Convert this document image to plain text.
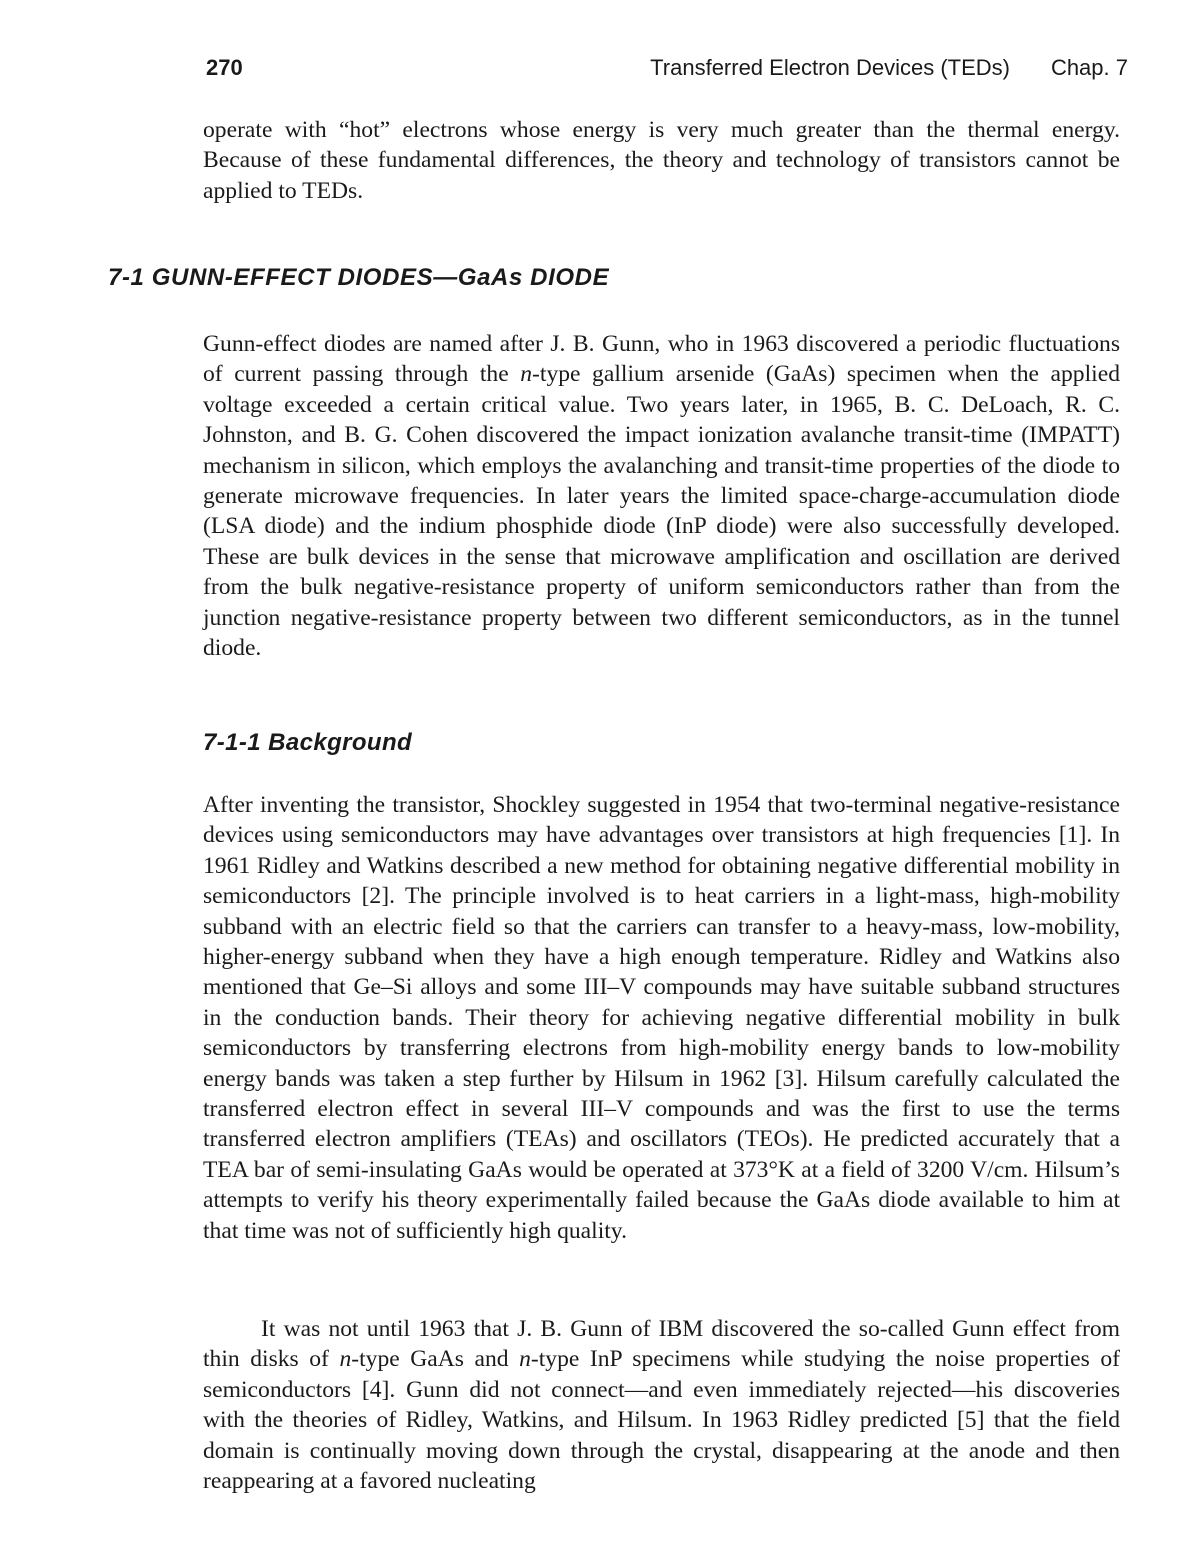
270	Transferred Electron Devices (TEDs) Chap. 7

operate with “hot” electrons whose energy is very much greater than the thermal energy. Because of these fundamental differences, the theory and technology of transistors cannot be applied to TEDs.

7-1 GUNN-EFFECT DIODES—GaAs DIODE

Gunn-effect diodes are named after J. B. Gunn, who in 1963 discovered a periodic fluctuations of current passing through the n-type gallium arsenide (GaAs) specimen when the applied voltage exceeded a certain critical value. Two years later, in 1965, B. C. DeLoach, R. C. Johnston, and B. G. Cohen discovered the impact ionization avalanche transit-time (IMPATT) mechanism in silicon, which employs the avalanching and transit-time properties of the diode to generate microwave frequencies. In later years the limited space-charge-accumulation diode (LSA diode) and the indium phosphide diode (InP diode) were also successfully developed. These are bulk devices in the sense that microwave amplification and oscillation are derived from the bulk negative-resistance property of uniform semiconductors rather than from the junction negative-resistance property between two different semiconductors, as in the tunnel diode.

7-1-1 Background

After inventing the transistor, Shockley suggested in 1954 that two-terminal negative-resistance devices using semiconductors may have advantages over transistors at high frequencies [1]. In 1961 Ridley and Watkins described a new method for obtaining negative differential mobility in semiconductors [2]. The principle involved is to heat carriers in a light-mass, high-mobility subband with an electric field so that the carriers can transfer to a heavy-mass, low-mobility, higher-energy subband when they have a high enough temperature. Ridley and Watkins also mentioned that Ge–Si alloys and some III–V compounds may have suitable subband structures in the conduction bands. Their theory for achieving negative differential mobility in bulk semiconductors by transferring electrons from high-mobility energy bands to low-mobility energy bands was taken a step further by Hilsum in 1962 [3]. Hilsum carefully calculated the transferred electron effect in several III–V compounds and was the first to use the terms transferred electron amplifiers (TEAs) and oscillators (TEOs). He predicted accurately that a TEA bar of semi-insulating GaAs would be operated at 373°K at a field of 3200 V/cm. Hilsum’s attempts to verify his theory experimentally failed because the GaAs diode available to him at that time was not of sufficiently high quality.

It was not until 1963 that J. B. Gunn of IBM discovered the so-called Gunn effect from thin disks of n-type GaAs and n-type InP specimens while studying the noise properties of semiconductors [4]. Gunn did not connect—and even immediately rejected—his discoveries with the theories of Ridley, Watkins, and Hilsum. In 1963 Ridley predicted [5] that the field domain is continually moving down through the crystal, disappearing at the anode and then reappearing at a favored nucleating
